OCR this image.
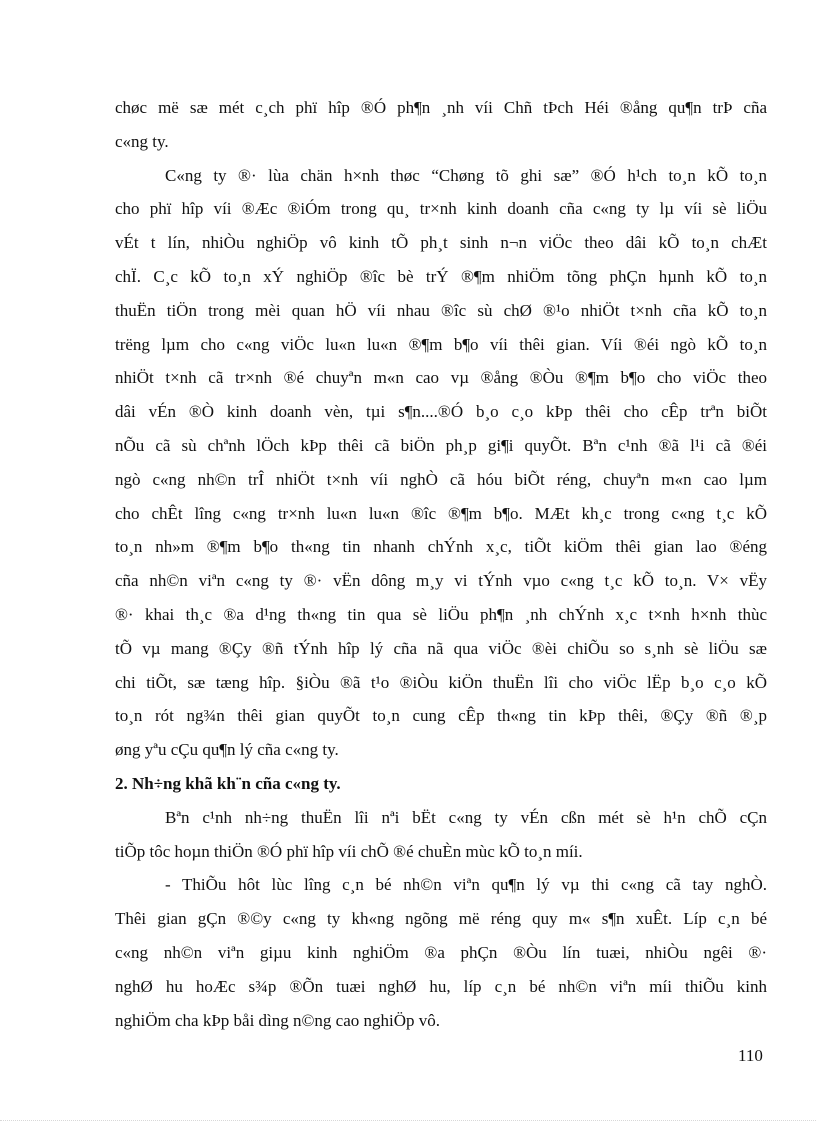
chøc më sæ mét c¸ch phï hîp ®Ó ph¶n ¸nh víi Chñ tÞch Héi ®ång qu¶n trÞ cña
c«ng ty.
C«ng ty ®· lùa chän h×nh thøc “Chøng tõ ghi sæ” ®Ó h¹ch to¸n kÕ to¸n
cho phï hîp víi ®Æc ®iÓm trong qu¸ tr×nh kinh doanh cña c«ng ty lµ víi sè liÖu
vÉt t lín, nhiÒu nghiÖp vô kinh tÕ ph¸t sinh n¬n viÖc theo dâi kÕ to¸n chÆt
chÏ. C¸c kÕ to¸n xÝ nghiÖp ®îc bè trÝ ®¶m nhiÖm tõng phÇn hµnh kÕ to¸n
thuËn tiÖn trong mèi quan hÖ víi nhau ®îc sù chØ ®¹o nhiÖt t×nh cña kÕ to¸n
trëng lµm cho c«ng viÖc lu«n lu«n ®¶m b¶o víi thêi gian. Víi ®éi ngò kÕ to¸n
nhiÖt t×nh cã tr×nh ®é chuyªn m«n cao vµ ®ång ®Òu ®¶m b¶o cho viÖc theo
dâi vÉn ®Ò kinh doanh vèn, tµi s¶n....®Ó b¸o c¸o kÞp thêi cho cÊp trªn biÕt
nÕu cã sù chªnh lÖch kÞp thêi cã biÖn ph¸p gi¶i quyÕt. Bªn c¹nh ®ã l¹i cã ®éi
ngò c«ng nh©n trÎ nhiÖt t×nh víi nghÒ cã hóu biÕt réng, chuyªn m«n cao lµm
cho chÊt lîng c«ng tr×nh lu«n lu«n ®îc ®¶m b¶o. MÆt kh¸c trong c«ng t¸c kÕ
to¸n nh»m ®¶m b¶o th«ng tin nhanh chÝnh x¸c, tiÕt kiÖm thêi gian lao ®éng
cña nh©n viªn c«ng ty ®· vËn dông m¸y vi tÝnh vµo c«ng t¸c kÕ to¸n. V× vËy
®· khai th¸c ®a d¹ng th«ng tin qua sè liÖu ph¶n ¸nh chÝnh x¸c t×nh h×nh thùc
tÕ vµ mang ®Çy ®ñ tÝnh hîp lý cña nã qua viÖc ®èi chiÕu so s¸nh sè liÖu sæ
chi tiÕt, sæ tæng hîp. §iÒu ®ã t¹o ®iÒu kiÖn thuËn lîi cho viÖc lËp b¸o c¸o kÕ
to¸n rót ng¾n thêi gian quyÕt to¸n cung cÊp th«ng tin kÞp thêi, ®Çy ®ñ ®¸p
øng yªu cÇu qu¶n lý cña c«ng ty.
2. Nh÷ng khã kh¨n cña c«ng ty.
Bªn c¹nh nh÷ng thuËn lîi nªi bËt c«ng ty vÉn cßn mét sè h¹n chÕ cÇn
tiÕp tôc hoµn thiÖn ®Ó phï hîp víi chÕ ®é chuÈn mùc kÕ to¸n míi.
- ThiÕu hôt lùc lîng c¸n bé nh©n viªn qu¶n lý vµ thi c«ng cã tay nghÒ.
Thêi gian gÇn ®©y c«ng ty kh«ng ngõng më réng quy m« s¶n xuÊt. Líp c¸n bé
c«ng nh©n viªn giµu kinh nghiÖm ®a phÇn ®Òu lín tuæi, nhiÒu ngêi ®·
nghØ hu hoÆc s¾p ®Õn tuæi nghØ hu, líp c¸n bé nh©n viªn míi thiÕu kinh
nghiÖm cha kÞp båi dìng n©ng cao nghiÖp vô.
110
